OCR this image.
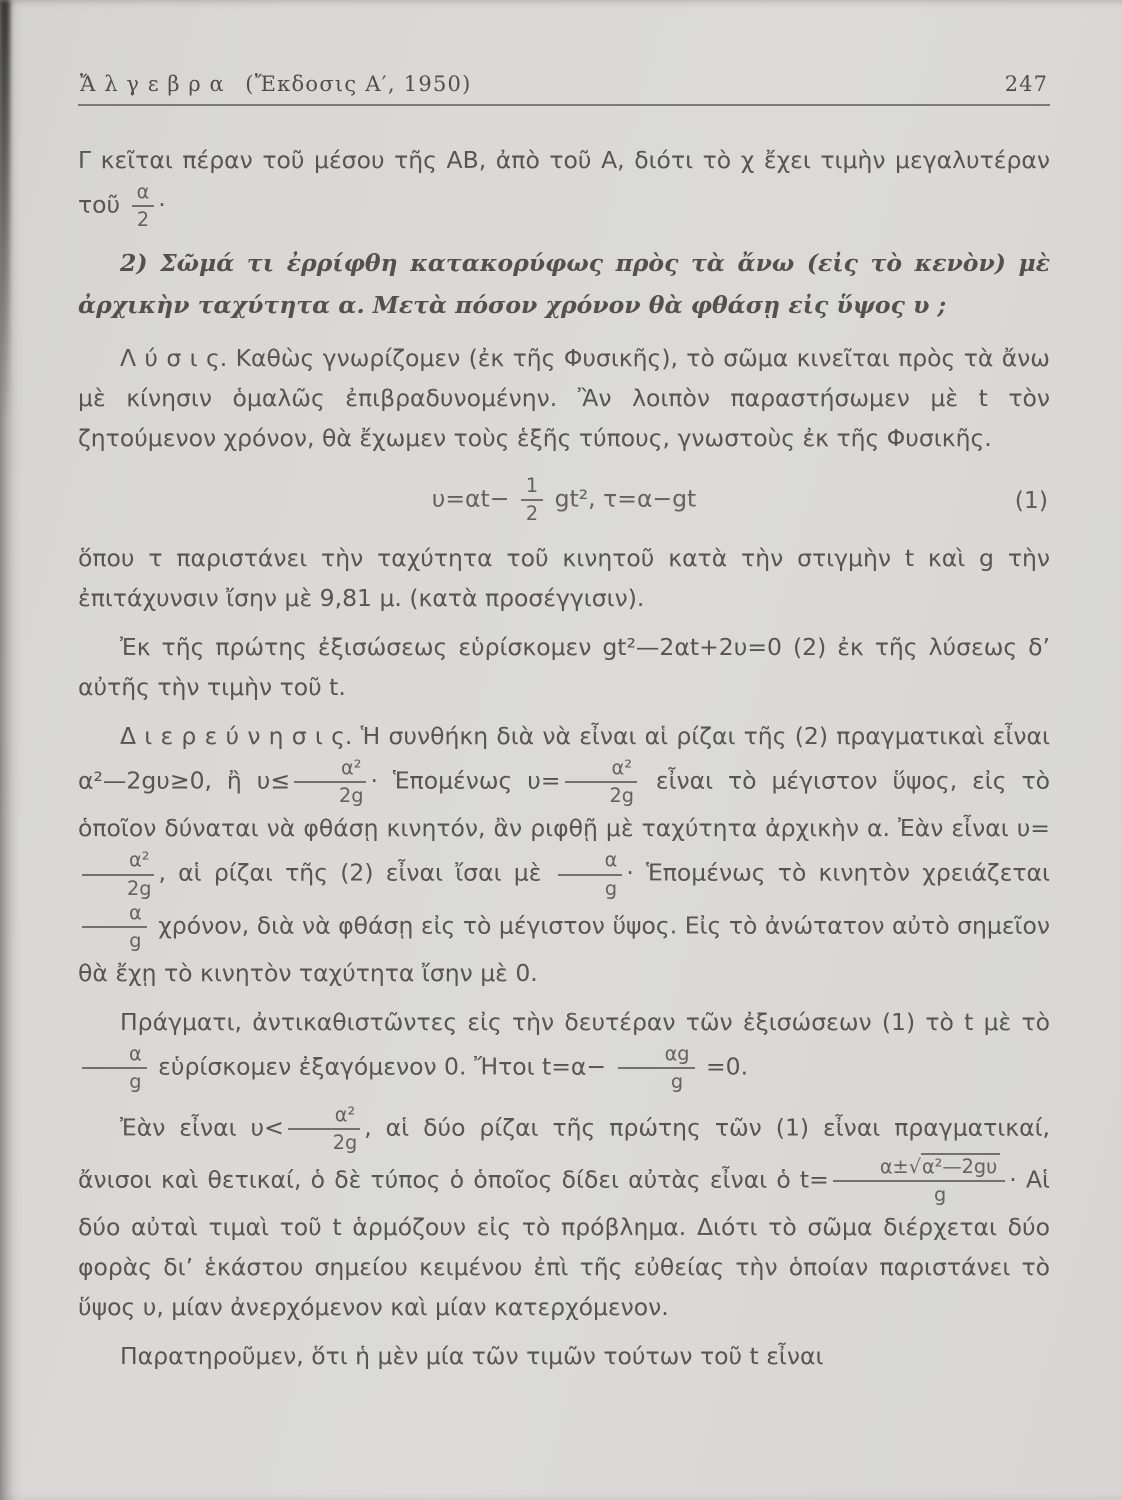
Ἄλγεβρα (Ἔκδοσις Α′, 1950)	247

Γ κεῖται πέραν τοῦ μέσου τῆς ΑΒ, ἀπὸ τοῦ Α, διότι τὸ χ ἔχει τιμὴν μεγαλυτέραν τοῦ $\frac{\alpha}{2}$ ·

2) Σῶμά τι ἐρρίφθη κατακορύφως πρὸς τὰ ἄνω (εἰς τὸ κενὸν) μὲ ἀρχικὴν ταχύτητα α. Μετὰ πόσον χρόνον θὰ φθάσῃ εἰς ὕψος υ ;

Λ ύ σ ι ς. Καθὼς γνωρίζομεν (ἐκ τῆς Φυσικῆς), τὸ σῶμα κινεῖται πρὸς τὰ ἄνω μὲ κίνησιν ὁμαλῶς ἐπιβραδυνομένην. Ἂν λοιπὸν παραστήσωμεν μὲ t τὸν ζητούμενον χρόνον, θὰ ἔχωμεν τοὺς ἑξῆς τύπους, γνωστοὺς ἐκ τῆς Φυσικῆς.

$\upsilon=\alpha t- \frac{1}{2} gt^2$, τ=α−gt	(1)

ὅπου τ παριστάνει τὴν ταχύτητα τοῦ κινητοῦ κατὰ τὴν στιγμὴν t καὶ g τὴν ἐπιτάχυνσιν ἴσην μὲ 9,81 μ. (κατὰ προσέγγισιν).

Ἐκ τῆς πρώτης ἐξισώσεως εὑρίσκομεν gt²—2αt+2υ=0 (2) ἐκ τῆς λύσεως δ’ αὐτῆς τὴν τιμὴν τοῦ t.

Δ ι ε ρ ε ύ ν η σ ι ς. Ἡ συνθήκη διὰ νὰ εἶναι αἱ ρίζαι τῆς (2) πραγματικαὶ εἶναι α²—2gυ≥0, ἢ $\upsilon\le \frac{\text{α²}}{2g}$ · Ἑπομένως $\upsilon= \frac{\text{α²}}{2g}$ εἶναι τὸ μέγιστον ὕψος, εἰς τὸ ὁποῖον δύναται νὰ φθάσῃ κινητόν, ἂν ριφθῇ μὲ ταχύτητα ἀρχικὴν α. Ἐὰν εἶναι υ=
$\frac{\text{α²}}{2g}$ , αἱ ρίζαι τῆς (2) εἶναι ἴσαι μὲ $\frac{\alpha}{g}$ · Ἑπομένως τὸ κινητὸν χρειάζεται
$\frac{\alpha}{g} \chi\rho ό\nu o\nu$, διὰ νὰ φθάσῃ εἰς τὸ μέγιστον ὕψος. Εἰς τὸ ἀνώτατον αὐτὸ σημεῖον θὰ ἔχῃ τὸ κινητὸν ταχύτητα ἴσην μὲ 0.

Πράγματι, ἀντικαθιστῶντες εἰς τὴν δευτέραν τῶν ἐξισώσεων (1) τὸ t μὲ τὸ
$\frac{\alpha}{g}$ εὑρίσκομεν ἐξαγόμενον 0. Ἤτοι $t=\alpha- \frac{\alpha g}{g} =0$.

Ἐὰν εἶναι $\upsilon< \frac{\text{α²}}{2g}$ , αἱ δύο ρίζαι τῆς πρώτης τῶν (1) εἶναι πραγματικαί, ἄνισοι καὶ θετικαί, ὁ δὲ τύπος ὁ ὁποῖος δίδει αὐτὰς εἶναι ὁ $t= \frac{\text{α±√α²—2gυ}}{g}$ · Αἱ δύο αὐταὶ τιμαὶ τοῦ t ἁρμόζουν εἰς τὸ πρόβλημα. Διότι τὸ σῶμα διέρχεται δύο φορὰς δι’ ἑκάστου σημείου κειμένου ἐπὶ τῆς εὐθείας τὴν ὁποίαν παριστάνει τὸ ὕψος υ, μίαν ἀνερχόμενον καὶ μίαν κατερχόμενον.

Παρατηροῦμεν, ὅτι ἡ μὲν μία τῶν τιμῶν τούτων τοῦ t εἶναι
